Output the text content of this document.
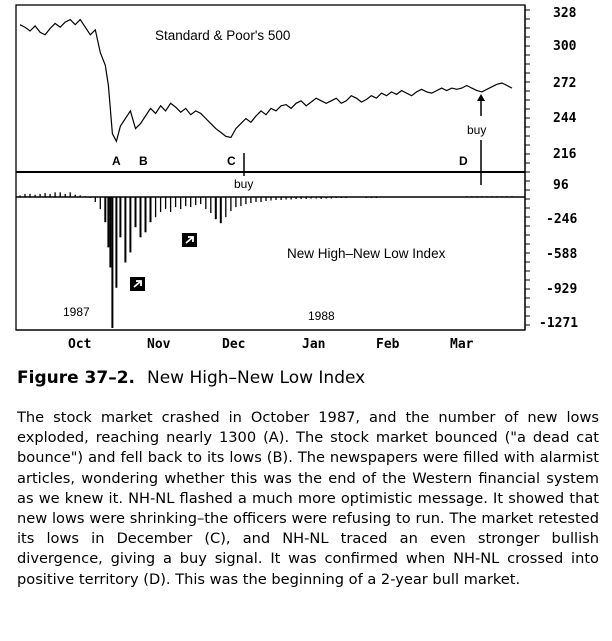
Standard & Poor's 500
New High–New Low Index
A B	C	D
buy
buy
1987	1988
328
300
272
244
216
96
-246
-588
-929
-1271
Oct	Nov	Dec	Jan	Feb	Mar
Figure 37–2. New High–New Low Index
The stock market crashed in October 1987, and the number of new lows exploded, reaching nearly 1300 (A). The stock market bounced ("a dead cat bounce") and fell back to its lows (B). The newspapers were filled with alarmist articles, wondering whether this was the end of the Western financial system as we knew it. NH-NL flashed a much more optimistic message. It showed that new lows were shrinking–the officers were refusing to run. The market retested its lows in December (C), and NH-NL traced an even stronger bullish divergence, giving a buy signal. It was confirmed when NH-NL crossed into positive territory (D). This was the beginning of a 2-year bull market.
